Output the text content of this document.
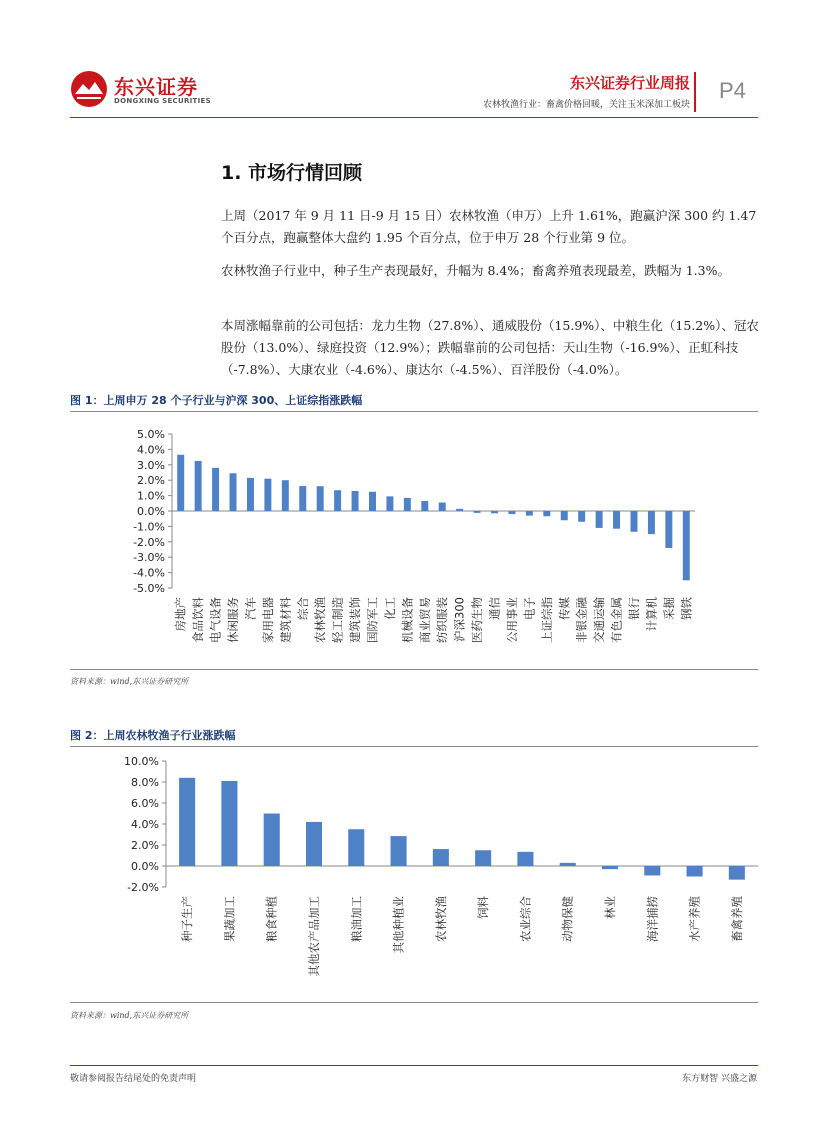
东兴证券
DONGXING SECURITIES
东兴证券行业周报
农林牧渔行业：畜禽价格回暖，关注玉米深加工板块
P4
1. 市场行情回顾
上周（2017 年 9 月 11 日-9 月 15 日）农林牧渔（申万）上升 1.61%，跑赢沪深 300 约 1.47 个百分点，跑赢整体大盘约 1.95 个百分点，位于申万 28 个行业第 9 位。
农林牧渔子行业中，种子生产表现最好，升幅为 8.4%；畜禽养殖表现最差，跌幅为 1.3%。
本周涨幅靠前的公司包括：龙力生物（27.8%）、通威股份（15.9%）、中粮生化（15.2%）、冠农股份（13.0%）、绿庭投资（12.9%）；跌幅靠前的公司包括：天山生物（-16.9%）、正虹科技（-7.8%）、大康农业（-4.6%）、康达尔（-4.5%）、百洋股份（-4.0%）。
图 1：上周申万 28 个子行业与沪深 300、上证综指涨跌幅
5.0%
4.0%
3.0%
2.0%
1.0%
0.0%
-1.0%
-2.0%
-3.0%
-4.0%
-5.0%
房地产 食品饮料 电气设备 休闲服务 汽车 家用电器 建筑材料 综合 农林牧渔 轻工制造 建筑装饰 国防军工 化工 机械设备 商业贸易 纺织服装 沪深300 医药生物 通信 公用事业 电子 上证综指 传媒 非银金融 交通运输 有色金属 银行 计算机 采掘 钢铁
资料来源：wind,东兴证券研究所
图 2：上周农林牧渔子行业涨跌幅
10.0%
8.0%
6.0%
4.0%
2.0%
0.0%
-2.0%
种子生产 果蔬加工 粮食种植 其他农产品加工 粮油加工 其他种植业 农林牧渔 饲料 农业综合 动物保健 林业 海洋捕捞 水产养殖 畜禽养殖
资料来源：wind,东兴证券研究所
敬请参阅报告结尾处的免责声明	东方财智 兴盛之源
